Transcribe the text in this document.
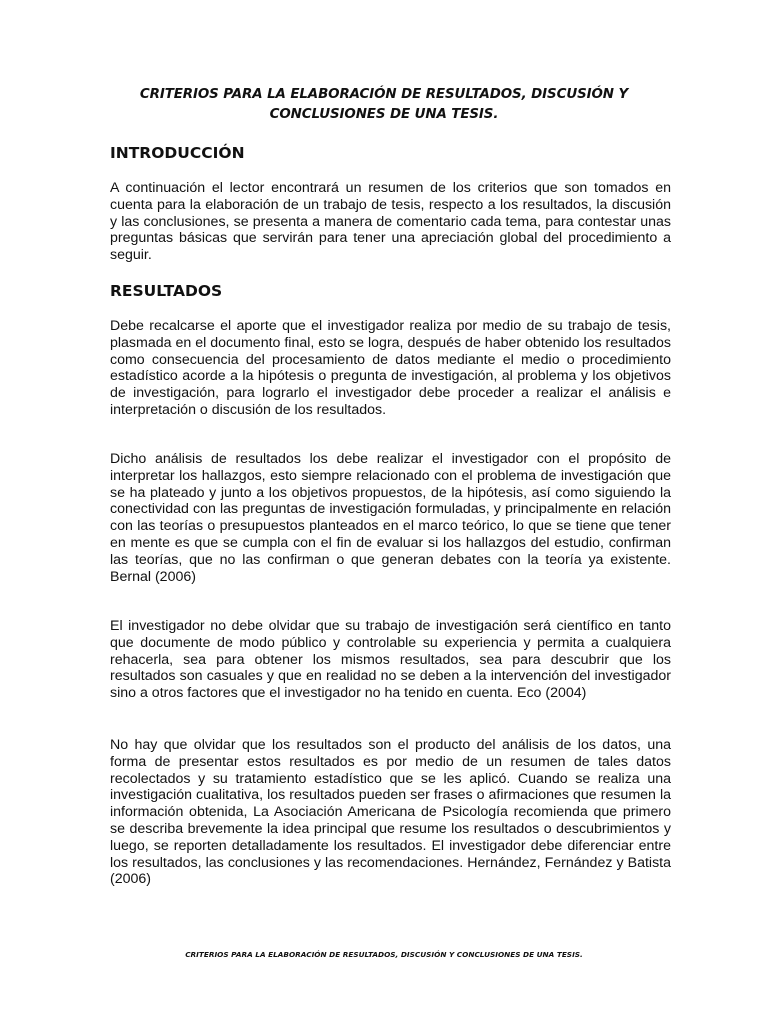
CRITERIOS PARA LA ELABORACIÓN DE RESULTADOS, DISCUSIÓN Y CONCLUSIONES DE UNA TESIS.
INTRODUCCIÓN

A continuación el lector encontrará un resumen de los criterios que son tomados en cuenta para la elaboración de un trabajo de tesis, respecto a los resultados, la discusión y las conclusiones, se presenta a manera de comentario cada tema, para contestar unas preguntas básicas que servirán para tener una apreciación global del procedimiento a seguir.

RESULTADOS

Debe recalcarse el aporte que el investigador realiza por medio de su trabajo de tesis, plasmada en el documento final, esto se logra, después de haber obtenido los resultados como consecuencia del procesamiento de datos mediante el medio o procedimiento estadístico acorde a la hipótesis o pregunta de investigación, al problema y los objetivos de investigación, para lograrlo el investigador debe proceder a realizar el análisis e interpretación o discusión de los resultados.

Dicho análisis de resultados los debe realizar el investigador con el propósito de interpretar los hallazgos, esto siempre relacionado con el problema de investigación que se ha plateado y junto a los objetivos propuestos, de la hipótesis, así como siguiendo la conectividad con las preguntas de investigación formuladas, y principalmente en relación con las teorías o presupuestos planteados en el marco teórico, lo que se tiene que tener en mente es que se cumpla con el fin de evaluar si los hallazgos del estudio, confirman las teorías, que no las confirman o que generan debates con la teoría ya existente. Bernal (2006)

El investigador no debe olvidar que su trabajo de investigación será científico en tanto que documente de modo público y controlable su experiencia y permita a cualquiera rehacerla, sea para obtener los mismos resultados, sea para descubrir que los resultados son casuales y que en realidad no se deben a la intervención del investigador sino a otros factores que el investigador no ha tenido en cuenta. Eco (2004)

No hay que olvidar que los resultados son el producto del análisis de los datos, una forma de presentar estos resultados es por medio de un resumen de tales datos recolectados y su tratamiento estadístico que se les aplicó. Cuando se realiza una investigación cualitativa, los resultados pueden ser frases o afirmaciones que resumen la información obtenida, La Asociación Americana de Psicología recomienda que primero se describa brevemente la idea principal que resume los resultados o descubrimientos y luego, se reporten detalladamente los resultados. El investigador debe diferenciar entre los resultados, las conclusiones y las recomendaciones. Hernández, Fernández y Batista (2006)

CRITERIOS PARA LA ELABORACIÓN DE RESULTADOS, DISCUSIÓN Y CONCLUSIONES DE UNA TESIS.
